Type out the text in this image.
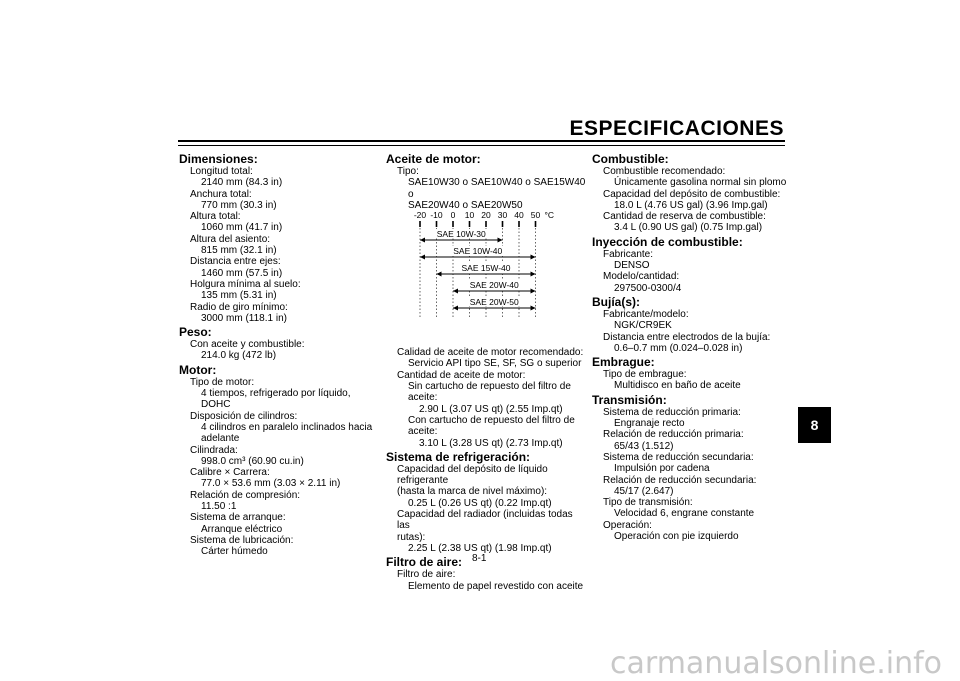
ESPECIFICACIONES
8
Dimensiones:
Longitud total:
2140 mm (84.3 in)
Anchura total:
770 mm (30.3 in)
Altura total:
1060 mm (41.7 in)
Altura del asiento:
815 mm (32.1 in)
Distancia entre ejes:
1460 mm (57.5 in)
Holgura mínima al suelo:
135 mm (5.31 in)
Radio de giro mínimo:
3000 mm (118.1 in)
Peso:
Con aceite y combustible:
214.0 kg (472 lb)
Motor:
Tipo de motor:
4 tiempos, refrigerado por líquido, DOHC
Disposición de cilindros:
4 cilindros en paralelo inclinados hacia
adelante
Cilindrada:
998.0 cm³ (60.90 cu.in)
Calibre × Carrera:
77.0 × 53.6 mm (3.03 × 2.11 in)
Relación de compresión:
11.50 :1
Sistema de arranque:
Arranque eléctrico
Sistema de lubricación:
Cárter húmedo
Aceite de motor:
Tipo:
SAE10W30 o SAE10W40 o SAE15W40 o
SAE20W40 o SAE20W50
Calidad de aceite de motor recomendado:
Servicio API tipo SE, SF, SG o superior
Cantidad de aceite de motor:
Sin cartucho de repuesto del filtro de
aceite:
2.90 L (3.07 US qt) (2.55 Imp.qt)
Con cartucho de repuesto del filtro de
aceite:
3.10 L (3.28 US qt) (2.73 Imp.qt)
Sistema de refrigeración:
Capacidad del depósito de líquido refrigerante
(hasta la marca de nivel máximo):
0.25 L (0.26 US qt) (0.22 Imp.qt)
Capacidad del radiador (incluidas todas las
rutas):
2.25 L (2.38 US qt) (1.98 Imp.qt)
Filtro de aire:
Filtro de aire:
Elemento de papel revestido con aceite
-20 -10 0 10 20 30 40 50 °C
SAE 10W-30
SAE 10W-40
SAE 15W-40
SAE 20W-40
SAE 20W-50
Combustible:
Combustible recomendado:
Únicamente gasolina normal sin plomo
Capacidad del depósito de combustible:
18.0 L (4.76 US gal) (3.96 Imp.gal)
Cantidad de reserva de combustible:
3.4 L (0.90 US gal) (0.75 Imp.gal)
Inyección de combustible:
Fabricante:
DENSO
Modelo/cantidad:
297500-0300/4
Bujía(s):
Fabricante/modelo:
NGK/CR9EK
Distancia entre electrodos de la bujía:
0.6–0.7 mm (0.024–0.028 in)
Embrague:
Tipo de embrague:
Multidisco en baño de aceite
Transmisión:
Sistema de reducción primaria:
Engranaje recto
Relación de reducción primaria:
65/43 (1.512)
Sistema de reducción secundaria:
Impulsión por cadena
Relación de reducción secundaria:
45/17 (2.647)
Tipo de transmisión:
Velocidad 6, engrane constante
Operación:
Operación con pie izquierdo
8-1
carmanualsonline.info
